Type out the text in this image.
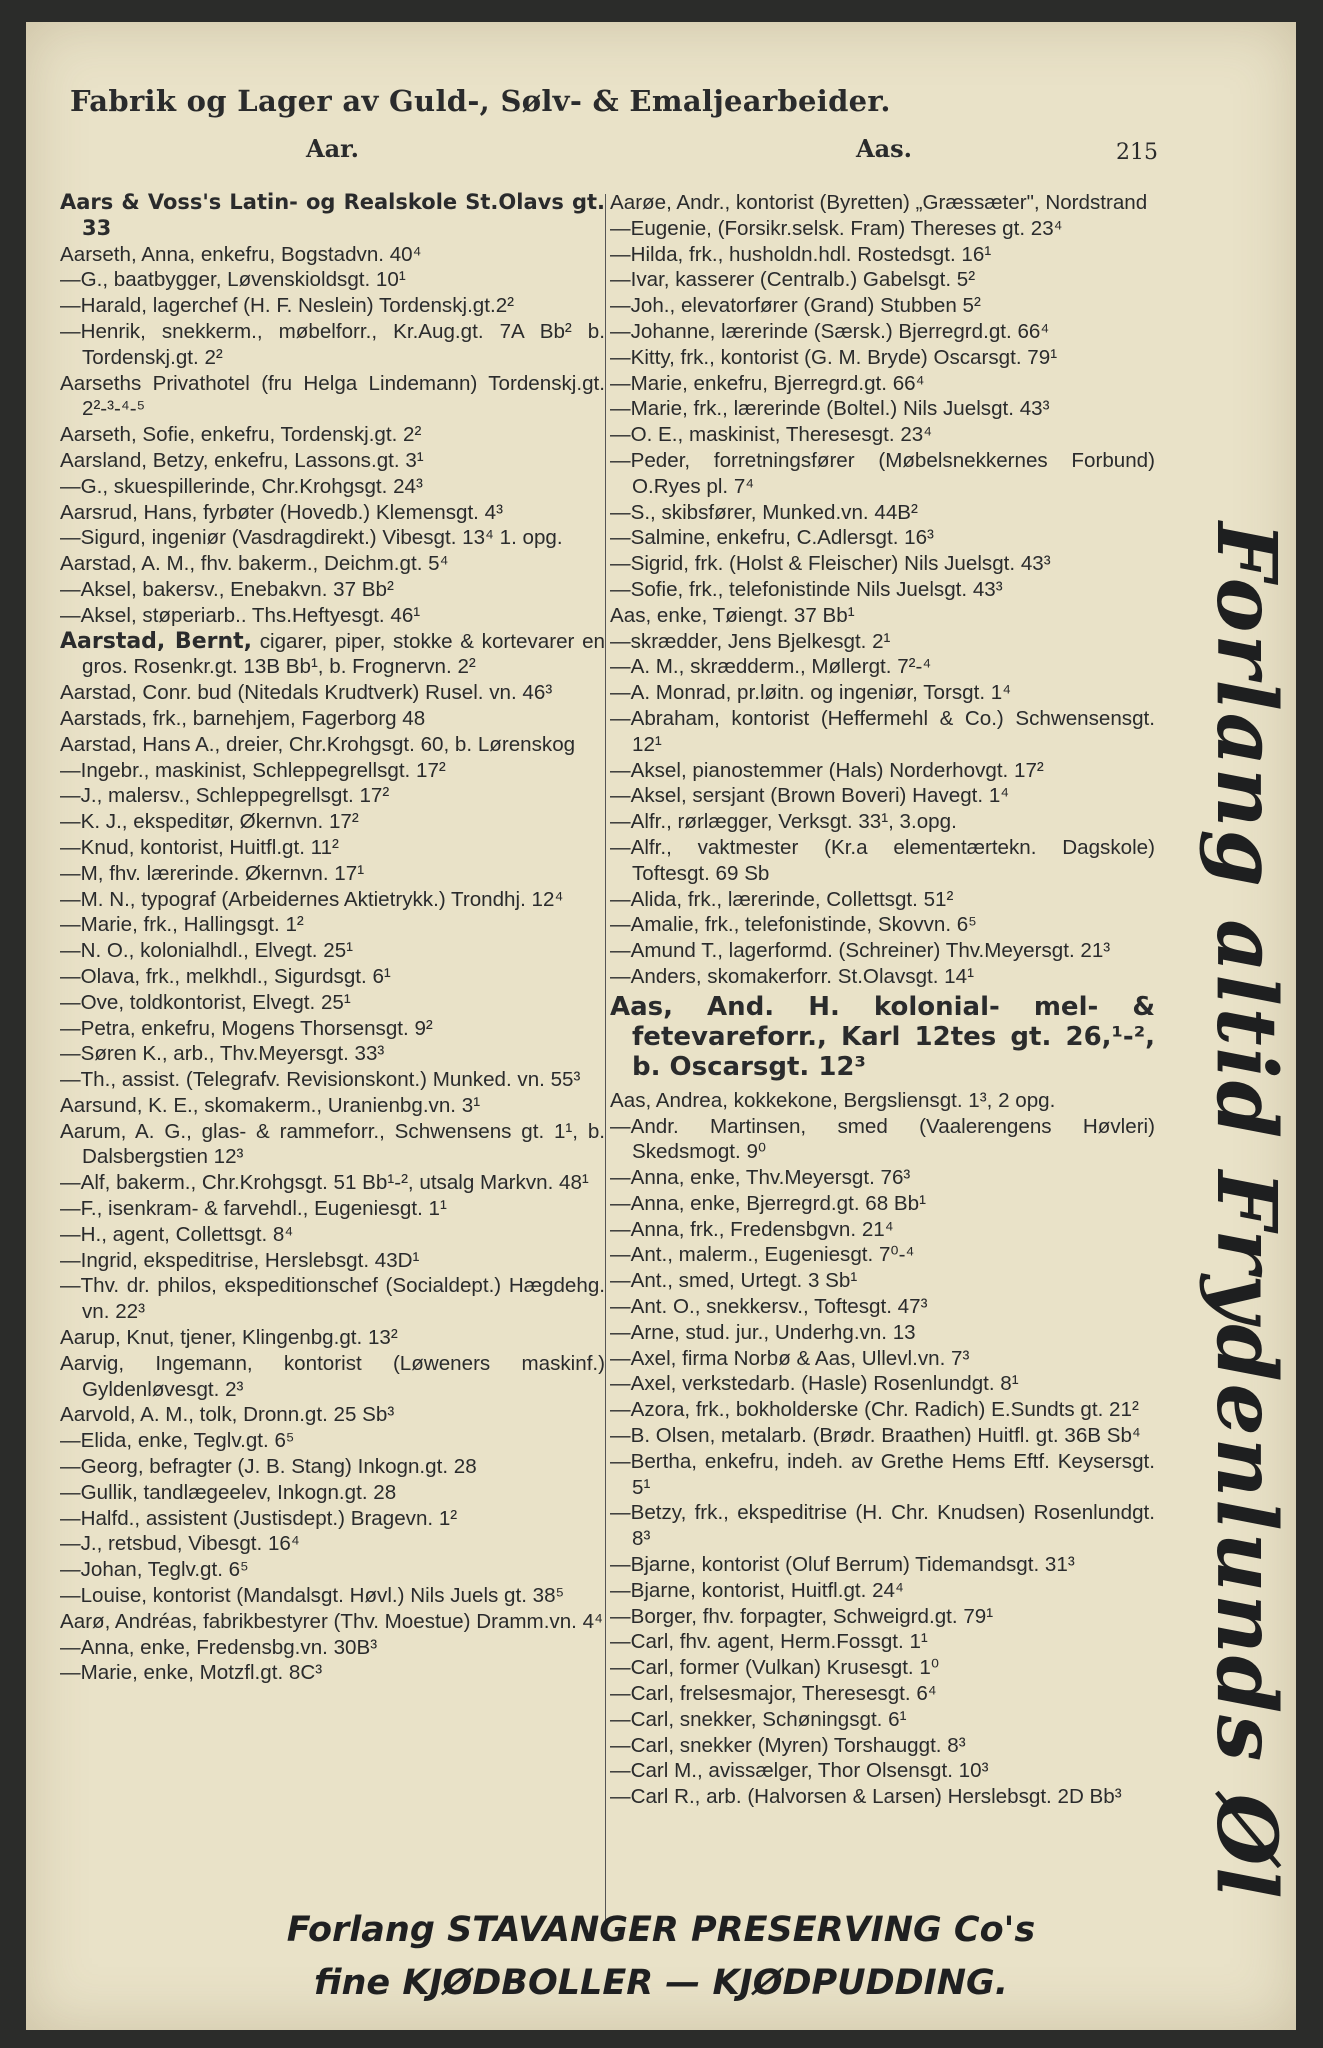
Fabrik og Lager av Guld-, Sølv- & Emaljearbeider.
Aar.	Aas.	215
Aars & Voss's Latin- og Realskole St.Olavs gt. 33
Aarseth, Anna, enkefru, Bogstadvn. 40⁴
—G., baatbygger, Løvenskioldsgt. 10¹
—Harald, lagerchef (H. F. Neslein) Tordenskj.gt.2²
—Henrik, snekkerm., møbelforr., Kr.Aug.gt. 7A Bb² b. Tordenskj.gt. 2²
Aarseths Privathotel (fru Helga Lindemann) Tordenskj.gt. 2²-³-⁴-⁵
Aarseth, Sofie, enkefru, Tordenskj.gt. 2²
Aarsland, Betzy, enkefru, Lassons.gt. 3¹
—G., skuespillerinde, Chr.Krohgsgt. 24³
Aarsrud, Hans, fyrbøter (Hovedb.) Klemensgt. 4³
—Sigurd, ingeniør (Vasdragdirekt.) Vibesgt. 13⁴ 1. opg.
Aarstad, A. M., fhv. bakerm., Deichm.gt. 5⁴
—Aksel, bakersv., Enebakvn. 37 Bb²
—Aksel, støperiarb.. Ths.Heftyesgt. 46¹
Aarstad, Bernt, cigarer, piper, stokke & kortevarer en gros. Rosenkr.gt. 13B Bb¹, b. Frognervn. 2²
Aarstad, Conr. bud (Nitedals Krudtverk) Rusel. vn. 46³
Aarstads, frk., barnehjem, Fagerborg 48
Aarstad, Hans A., dreier, Chr.Krohgsgt. 60, b. Lørenskog
—Ingebr., maskinist, Schleppegrellsgt. 17²
—J., malersv., Schleppegrellsgt. 17²
—K. J., ekspeditør, Økernvn. 17²
—Knud, kontorist, Huitfl.gt. 11²
—M, fhv. lærerinde. Økernvn. 17¹
—M. N., typograf (Arbeidernes Aktietrykk.) Trondhj. 12⁴
—Marie, frk., Hallingsgt. 1²
—N. O., kolonialhdl., Elvegt. 25¹
—Olava, frk., melkhdl., Sigurdsgt. 6¹
—Ove, toldkontorist, Elvegt. 25¹
—Petra, enkefru, Mogens Thorsensgt. 9²
—Søren K., arb., Thv.Meyersgt. 33³
—Th., assist. (Telegrafv. Revisionskont.) Munked. vn. 55³
Aarsund, K. E., skomakerm., Uranienbg.vn. 3¹
Aarum, A. G., glas- & rammeforr., Schwensens gt. 1¹, b. Dalsbergstien 12³
—Alf, bakerm., Chr.Krohgsgt. 51 Bb¹-², utsalg Markvn. 48¹
—F., isenkram- & farvehdl., Eugeniesgt. 1¹
—H., agent, Collettsgt. 8⁴
—Ingrid, ekspeditrise, Herslebsgt. 43D¹
—Thv. dr. philos, ekspeditionschef (Socialdept.) Hægdehg. vn. 22³
Aarup, Knut, tjener, Klingenbg.gt. 13²
Aarvig, Ingemann, kontorist (Løweners maskinf.) Gyldenløvesgt. 2³
Aarvold, A. M., tolk, Dronn.gt. 25 Sb³
—Elida, enke, Teglv.gt. 6⁵
—Georg, befragter (J. B. Stang) Inkogn.gt. 28
—Gullik, tandlægeelev, Inkogn.gt. 28
—Halfd., assistent (Justisdept.) Bragevn. 1²
—J., retsbud, Vibesgt. 16⁴
—Johan, Teglv.gt. 6⁵
—Louise, kontorist (Mandalsgt. Høvl.) Nils Juels gt. 38⁵
Aarø, Andréas, fabrikbestyrer (Thv. Moestue) Dramm.vn. 4⁴
—Anna, enke, Fredensbg.vn. 30B³
—Marie, enke, Motzfl.gt. 8C³
Aarøe, Andr., kontorist (Byretten) „Græssæter", Nordstrand
—Eugenie, (Forsikr.selsk. Fram) Thereses gt. 23⁴
—Hilda, frk., husholdn.hdl. Rostedsgt. 16¹
—Ivar, kasserer (Centralb.) Gabelsgt. 5²
—Joh., elevatorfører (Grand) Stubben 5²
—Johanne, lærerinde (Særsk.) Bjerregrd.gt. 66⁴
—Kitty, frk., kontorist (G. M. Bryde) Oscarsgt. 79¹
—Marie, enkefru, Bjerregrd.gt. 66⁴
—Marie, frk., lærerinde (Boltel.) Nils Juelsgt. 43³
—O. E., maskinist, Theresesgt. 23⁴
—Peder, forretningsfører (Møbelsnekkernes Forbund) O.Ryes pl. 7⁴
—S., skibsfører, Munked.vn. 44B²
—Salmine, enkefru, C.Adlersgt. 16³
—Sigrid, frk. (Holst & Fleischer) Nils Juelsgt. 43³
—Sofie, frk., telefonistinde Nils Juelsgt. 43³
Aas, enke, Tøiengt. 37 Bb¹
—skrædder, Jens Bjelkesgt. 2¹
—A. M., skrædderm., Møllergt. 7²-⁴
—A. Monrad, pr.løitn. og ingeniør, Torsgt. 1⁴
—Abraham, kontorist (Heffermehl & Co.) Schwensensgt. 12¹
—Aksel, pianostemmer (Hals) Norderhovgt. 17²
—Aksel, sersjant (Brown Boveri) Havegt. 1⁴
—Alfr., rørlægger, Verksgt. 33¹, 3.opg.
—Alfr., vaktmester (Kr.a elementærtekn. Dagskole) Toftesgt. 69 Sb
—Alida, frk., lærerinde, Collettsgt. 51²
—Amalie, frk., telefonistinde, Skovvn. 6⁵
—Amund T., lagerformd. (Schreiner) Thv.Meyersgt. 21³
—Anders, skomakerforr. St.Olavsgt. 14¹
Aas, And. H. kolonial- mel- & fetevareforr., Karl 12tes gt. 26,¹-², b. Oscarsgt. 12³
Aas, Andrea, kokkekone, Bergsliensgt. 1³, 2 opg.
—Andr. Martinsen, smed (Vaalerengens Høvleri) Skedsmogt. 9⁰
—Anna, enke, Thv.Meyersgt. 76³
—Anna, enke, Bjerregrd.gt. 68 Bb¹
—Anna, frk., Fredensbgvn. 21⁴
—Ant., malerm., Eugeniesgt. 7⁰-⁴
—Ant., smed, Urtegt. 3 Sb¹
—Ant. O., snekkersv., Toftesgt. 47³
—Arne, stud. jur., Underhg.vn. 13
—Axel, firma Norbø & Aas, Ullevl.vn. 7³
—Axel, verkstedarb. (Hasle) Rosenlundgt. 8¹
—Azora, frk., bokholderske (Chr. Radich) E.Sundts gt. 21²
—B. Olsen, metalarb. (Brødr. Braathen) Huitfl. gt. 36B Sb⁴
—Bertha, enkefru, indeh. av Grethe Hems Eftf. Keysersgt. 5¹
—Betzy, frk., ekspeditrise (H. Chr. Knudsen) Rosenlundgt. 8³
—Bjarne, kontorist (Oluf Berrum) Tidemandsgt. 31³
—Bjarne, kontorist, Huitfl.gt. 24⁴
—Borger, fhv. forpagter, Schweigrd.gt. 79¹
—Carl, fhv. agent, Herm.Fossgt. 1¹
—Carl, former (Vulkan) Krusesgt. 1⁰
—Carl, frelsesmajor, Theresesgt. 6⁴
—Carl, snekker, Schøningsgt. 6¹
—Carl, snekker (Myren) Torshauggt. 8³
—Carl M., avissælger, Thor Olsensgt. 10³
—Carl R., arb. (Halvorsen & Larsen) Herslebsgt. 2D Bb³ Forlang altid Frydenlunds Øl
Forlang STAVANGER PRESERVING Co's
fine KJØDBOLLER — KJØDPUDDING.
